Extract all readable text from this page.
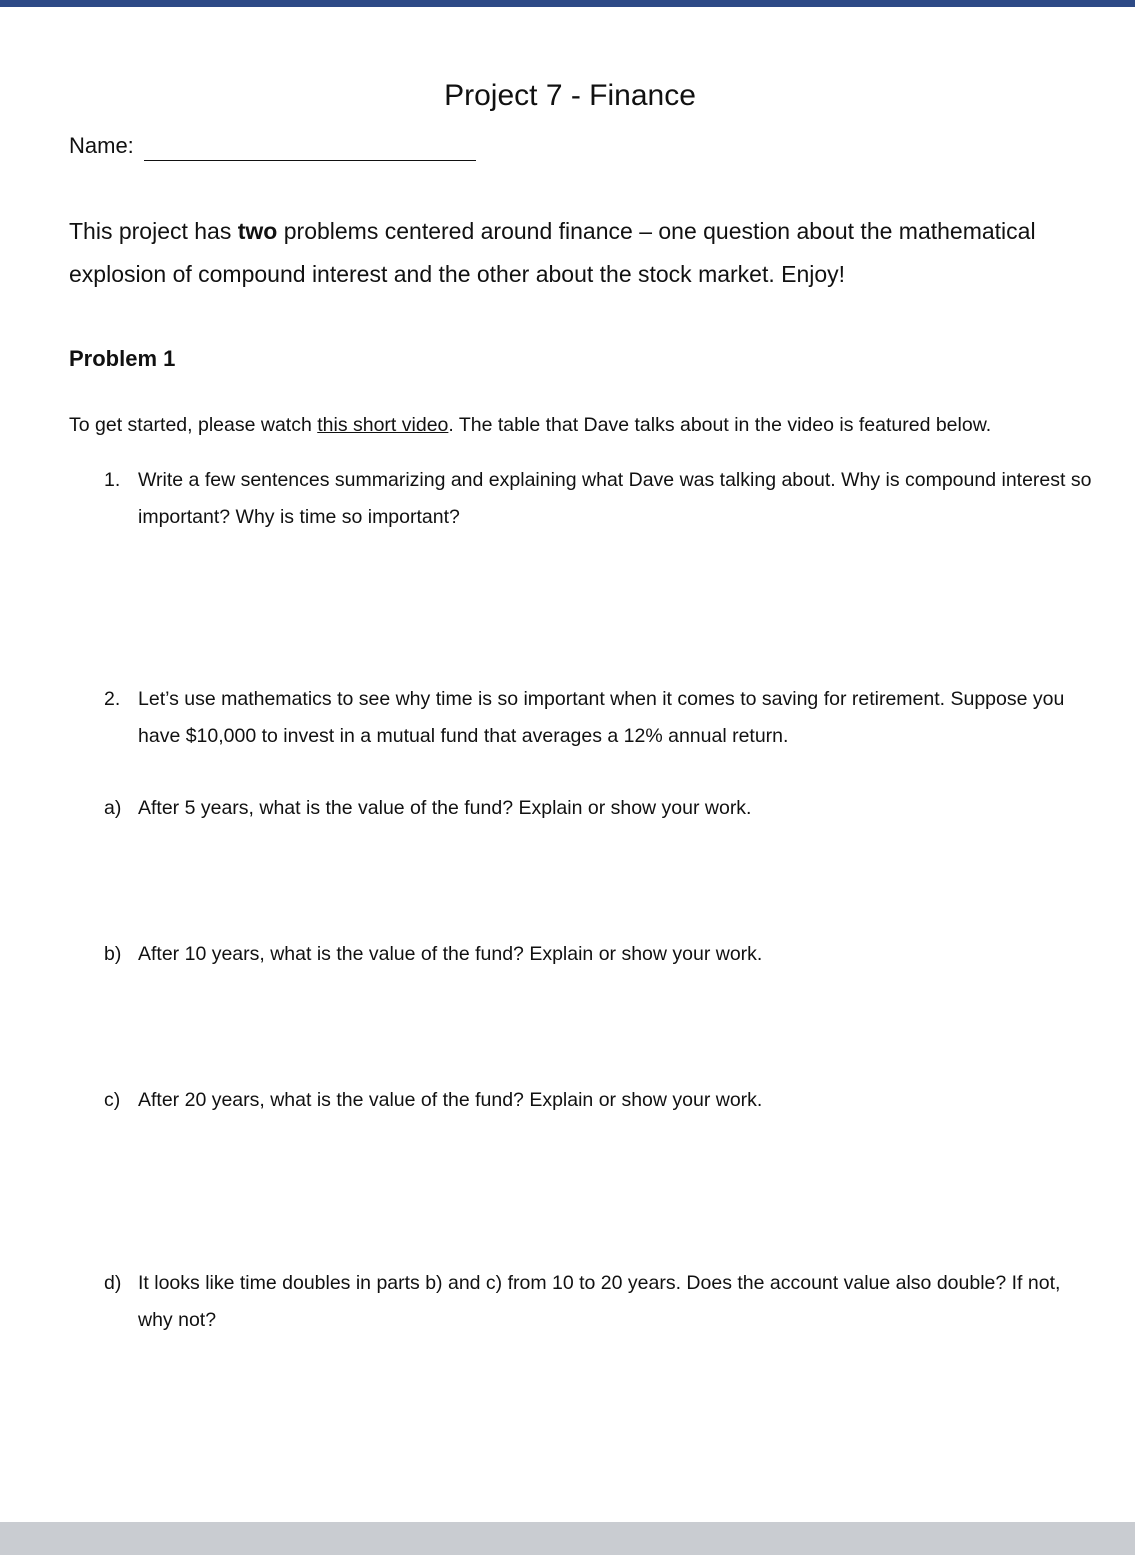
Project 7 - Finance
Name:

This project has two problems centered around finance – one question about the mathematical explosion of compound interest and the other about the stock market. Enjoy!

Problem 1

To get started, please watch this short video. The table that Dave talks about in the video is featured below.

1. Write a few sentences summarizing and explaining what Dave was talking about. Why is compound interest so important? Why is time so important?
2. Let’s use mathematics to see why time is so important when it comes to saving for retirement. Suppose you have $10,000 to invest in a mutual fund that averages a 12% annual return.
a) After 5 years, what is the value of the fund? Explain or show your work.
b) After 10 years, what is the value of the fund? Explain or show your work.
c) After 20 years, what is the value of the fund? Explain or show your work.
d) It looks like time doubles in parts b) and c) from 10 to 20 years. Does the account value also double? If not, why not?
